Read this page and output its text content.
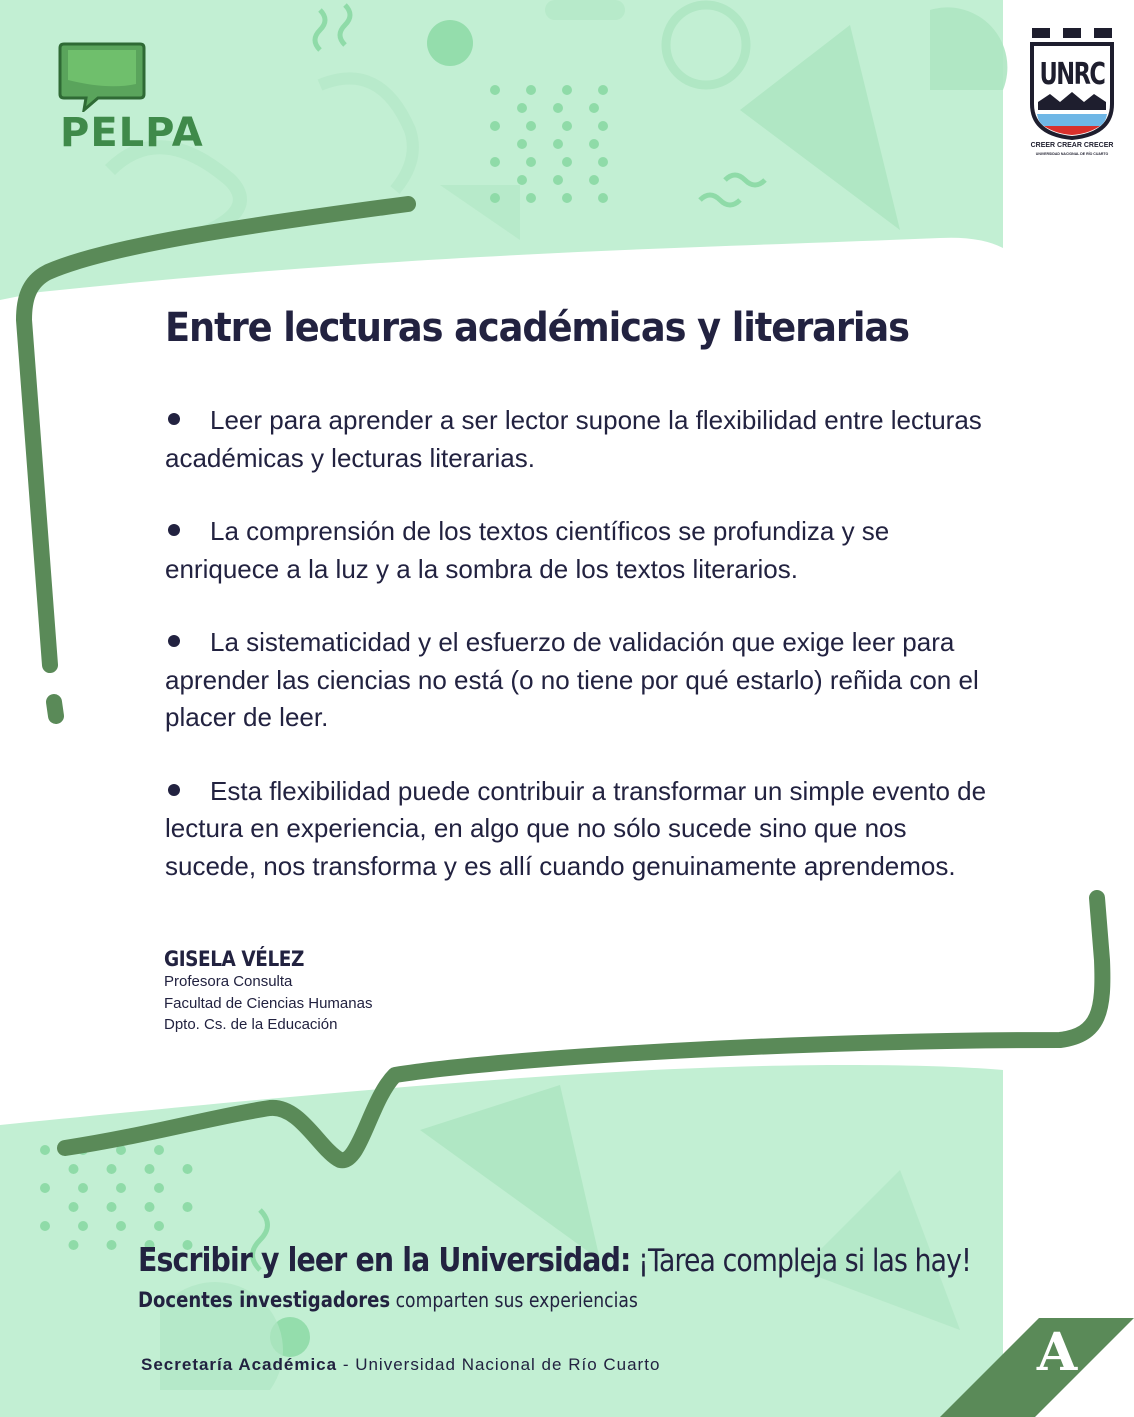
PELPA
UNRC
CREER CREAR CRECER
UNIVERSIDAD NACIONAL DE RÍO CUARTO
Entre lecturas académicas y literarias
Leer para aprender a ser lector supone la flexibilidad entre lecturas académicas y lecturas literarias.
La comprensión de los textos científicos se profundiza y se enriquece a la luz y a la sombra de los textos literarios.
La sistematicidad y el esfuerzo de validación que exige leer para aprender las ciencias no está (o no tiene por qué estarlo) reñida con el placer de leer.
Esta flexibilidad puede contribuir a transformar un simple evento de lectura en experiencia, en algo que no sólo sucede sino que nos sucede, nos transforma y es allí cuando genuinamente aprendemos.
GISELA VÉLEZ
Profesora Consulta
Facultad de Ciencias Humanas
Dpto. Cs. de la Educación
Escribir y leer en la Universidad: ¡Tarea compleja si las hay!
Docentes investigadores comparten sus experiencias
Secretaría Académica - Universidad Nacional de Río Cuarto	A
